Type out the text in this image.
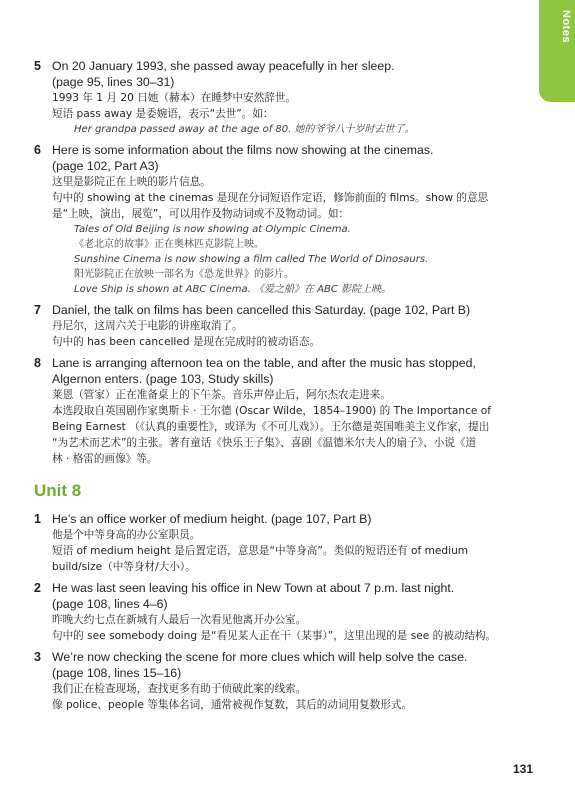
Notes
5 On 20 January 1993, she passed away peacefully in her sleep.
(page 95, lines 30–31)
1993 年 1 月 20 日她（赫本）在睡梦中安然辞世。
短语 pass away 是委婉语，表示“去世”。如：
Her grandpa passed away at the age of 80. 她的爷爷八十岁时去世了。
6 Here is some information about the films now showing at the cinemas.
(page 102, Part A3)
这里是影院正在上映的影片信息。
句中的 showing at the cinemas 是现在分词短语作定语，修饰前面的 films。show 的意思
是“上映，演出，展览”，可以用作及物动词或不及物动词。如：
Tales of Old Beijing is now showing at Olympic Cinema.
《老北京的故事》正在奥林匹克影院上映。
Sunshine Cinema is now showing a film called The World of Dinosaurs.
阳光影院正在放映一部名为《恐龙世界》的影片。
Love Ship is shown at ABC Cinema. 《爱之船》在 ABC 影院上映。
7 Daniel, the talk on films has been cancelled this Saturday. (page 102, Part B)
丹尼尔，这周六关于电影的讲座取消了。
句中的 has been cancelled 是现在完成时的被动语态。
8 Lane is arranging afternoon tea on the table, and after the music has stopped,
Algernon enters. (page 103, Study skills)
莱恩（管家）正在准备桌上的下午茶。音乐声停止后，阿尔杰农走进来。
本选段取自英国剧作家奥斯卡 · 王尔德 (Oscar Wilde，1854–1900) 的 The Importance of
Being Earnest （《认真的重要性》，或译为《不可儿戏》）。王尔德是英国唯美主义作家，提出
“为艺术而艺术”的主张。著有童话《快乐王子集》、喜剧《温德米尔夫人的扇子》、小说《道
林 · 格雷的画像》等。
Unit 8
1 He’s an office worker of medium height. (page 107, Part B)
他是个中等身高的办公室职员。
短语 of medium height 是后置定语，意思是“中等身高”。类似的短语还有 of medium
build/size（中等身材/大小）。
2 He was last seen leaving his office in New Town at about 7 p.m. last night.
(page 108, lines 4–6)
昨晚大约七点在新城有人最后一次看见他离开办公室。
句中的 see somebody doing 是“看见某人正在干（某事）”，这里出现的是 see 的被动结构。
3 We’re now checking the scene for more clues which will help solve the case.
(page 108, lines 15–16)
我们正在检查现场，查找更多有助于侦破此案的线索。
像 police、people 等集体名词，通常被视作复数，其后的动词用复数形式。
131
